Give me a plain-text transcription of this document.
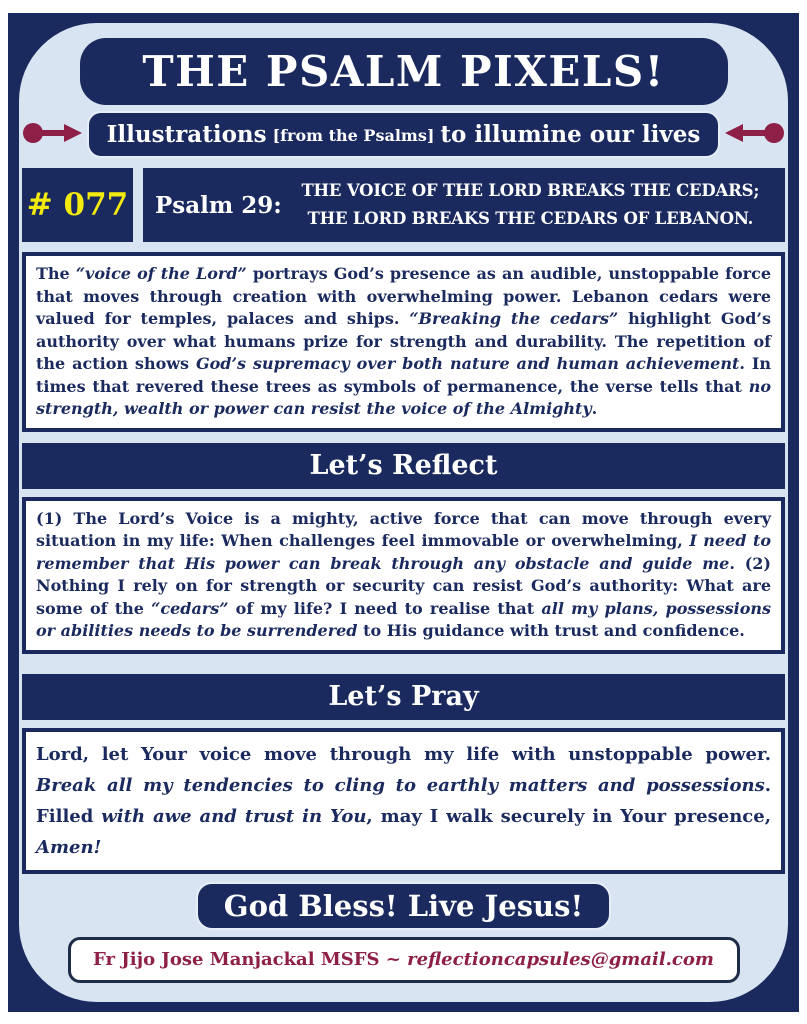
THE PSALM PIXELS!
Illustrations [from the Psalms] to illumine our lives
# 077 Psalm 29:
THE VOICE OF THE LORD BREAKS THE CEDARS;
THE LORD BREAKS THE CEDARS OF LEBANON.

The “voice of the Lord” portrays God’s presence as an audible, unstoppable force that moves through creation with overwhelming power. Lebanon cedars were valued for temples, palaces and ships. “Breaking the cedars” highlight God’s authority over what humans prize for strength and durability. The repetition of the action shows God’s supremacy over both nature and human achievement. In times that revered these trees as symbols of permanence, the verse tells that no strength, wealth or power can resist the voice of the Almighty.

Let’s Reflect

(1) The Lord’s Voice is a mighty, active force that can move through every situation in my life: When challenges feel immovable or overwhelming, I need to remember that His power can break through any obstacle and guide me. (2) Nothing I rely on for strength or security can resist God’s authority: What are some of the “cedars” of my life? I need to realise that all my plans, possessions or abilities needs to be surrendered to His guidance with trust and confidence.

Let’s Pray

Lord, let Your voice move through my life with unstoppable power. Break all my tendencies to cling to earthly matters and possessions. Filled with awe and trust in You, may I walk securely in Your presence, Amen!

God Bless! Live Jesus!
Fr Jijo Jose Manjackal MSFS ~ reflectioncapsules@gmail.com
